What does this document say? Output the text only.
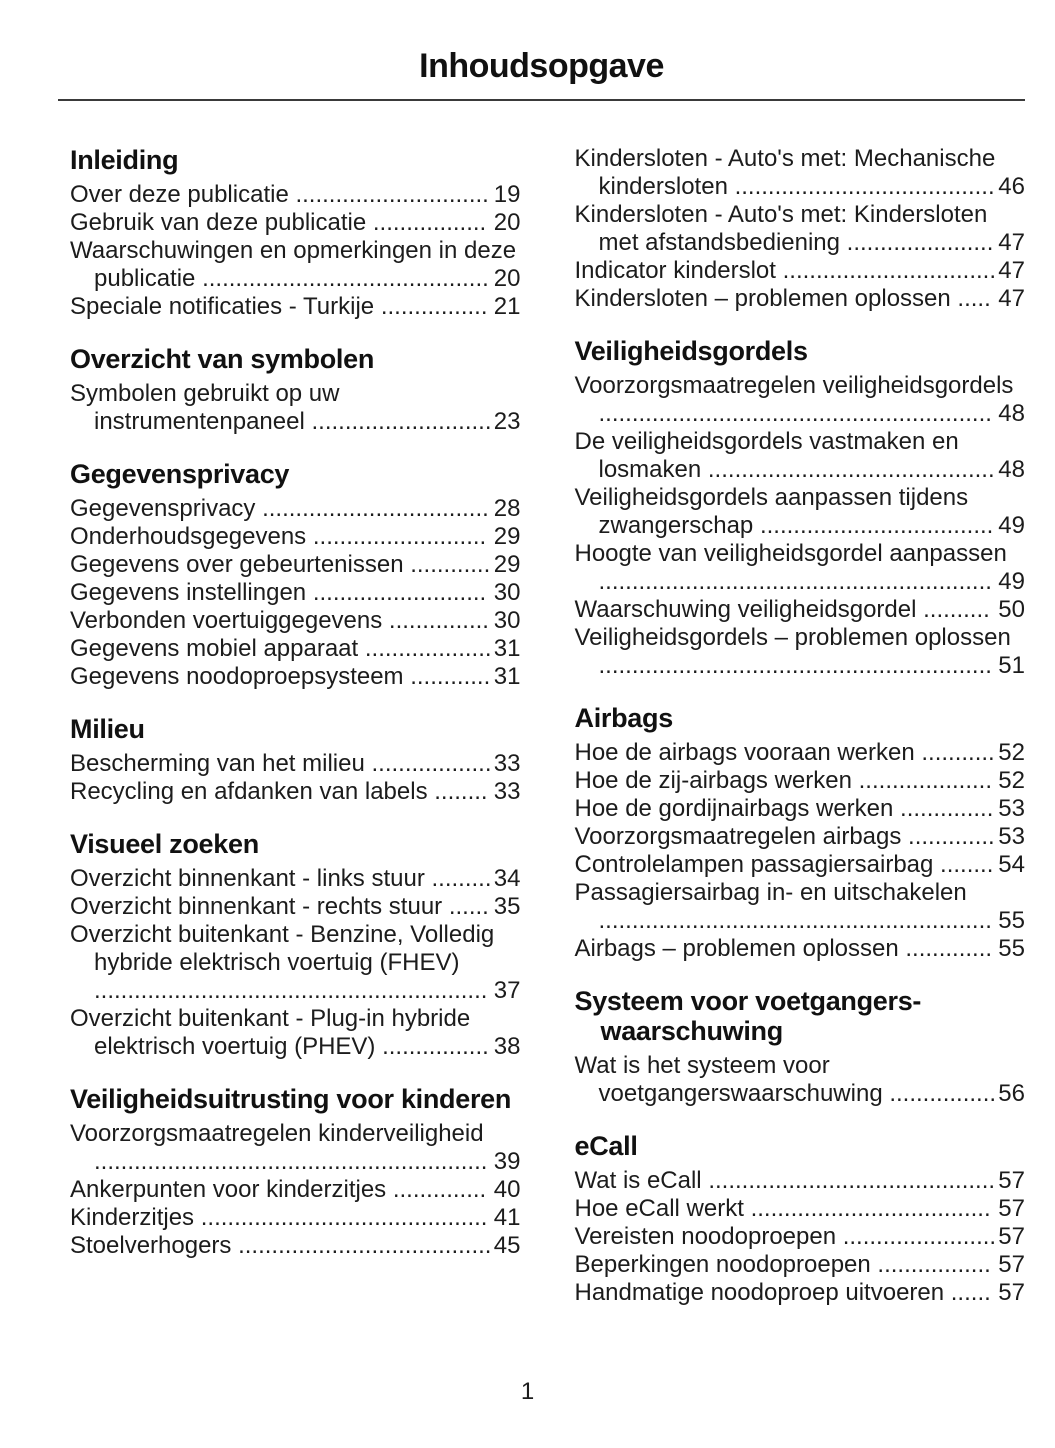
Inhoudsopgave
Inleiding
Over deze publicatie ............................. 19
Gebruik van deze publicatie ................. 20
Waarschuwingen en opmerkingen in deze publicatie ........................................... 20
Speciale notificaties - Turkije ................ 21
Overzicht van symbolen
Symbolen gebruikt op uw instrumentenpaneel ........................... 23
Gegevensprivacy
Gegevensprivacy .................................. 28
Onderhoudsgegevens .......................... 29
Gegevens over gebeurtenissen ............ 29
Gegevens instellingen .......................... 30
Verbonden voertuiggegevens ............... 30
Gegevens mobiel apparaat ................... 31
Gegevens noodoproepsysteem ............ 31
Milieu
Bescherming van het milieu .................. 33
Recycling en afdanken van labels ........ 33
Visueel zoeken
Overzicht binnenkant - links stuur ......... 34
Overzicht binnenkant - rechts stuur ...... 35
Overzicht buitenkant - Benzine, Volledig hybride elektrisch voertuig (FHEV)
........................................................... 37
Overzicht buitenkant - Plug-in hybride elektrisch voertuig (PHEV) ................ 38
Veiligheidsuitrusting voor kinderen
Voorzorgsmaatregelen kinderveiligheid
........................................................... 39
Ankerpunten voor kinderzitjes .............. 40
Kinderzitjes ........................................... 41
Stoelverhogers ...................................... 45
Kindersloten - Auto's met: Mechanische kindersloten ....................................... 46
Kindersloten - Auto's met: Kindersloten met afstandsbediening ...................... 47
Indicator kinderslot ................................ 47
Kindersloten – problemen oplossen ..... 47
Veiligheidsgordels
Voorzorgsmaatregelen veiligheidsgordels
........................................................... 48
De veiligheidsgordels vastmaken en losmaken ........................................... 48
Veiligheidsgordels aanpassen tijdens zwangerschap ................................... 49
Hoogte van veiligheidsgordel aanpassen
........................................................... 49
Waarschuwing veiligheidsgordel .......... 50
Veiligheidsgordels – problemen oplossen
........................................................... 51
Airbags
Hoe de airbags vooraan werken ........... 52
Hoe de zij-airbags werken .................... 52
Hoe de gordijnairbags werken .............. 53
Voorzorgsmaatregelen airbags ............. 53
Controlelampen passagiersairbag ........ 54
Passagiersairbag in- en uitschakelen
........................................................... 55
Airbags – problemen oplossen ............. 55
Systeem voor voetgangers-waarschuwing
Wat is het systeem voor voetgangerswaarschuwing ................ 56
eCall
Wat is eCall ........................................... 57
Hoe eCall werkt .................................... 57
Vereisten noodoproepen ....................... 57
Beperkingen noodoproepen ................. 57
Handmatige noodoproep uitvoeren ...... 57
1
